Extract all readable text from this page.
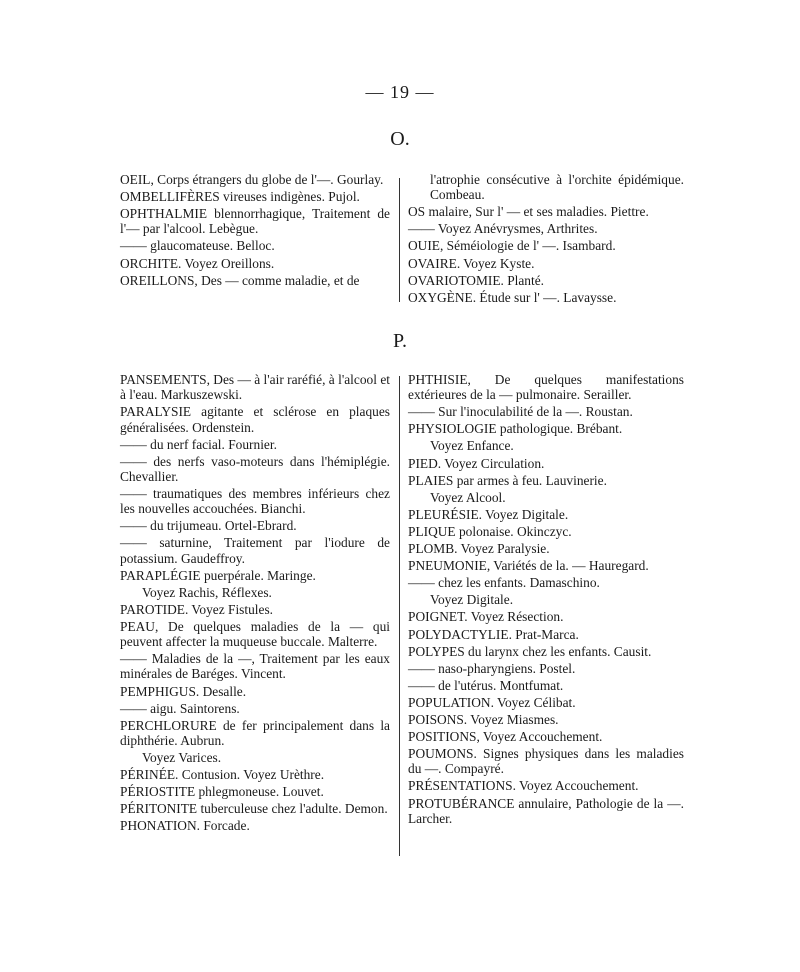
— 19 —
O.
OEIL, Corps étrangers du globe de l'—. Gourlay.
OMBELLIFÈRES vireuses indigènes. Pujol.
OPHTHALMIE blennorrhagique, Traitement de l'— par l'alcool. Lebègue.
—— glaucomateuse. Belloc.
ORCHITE. Voyez Oreillons.
OREILLONS, Des — comme maladie, et de
l'atrophie consécutive à l'orchite épidémique. Combeau.
OS malaire, Sur l' — et ses maladies. Piettre.
—— Voyez Anévrysmes, Arthrites.
OUIE, Séméiologie de l' —. Isambard.
OVAIRE. Voyez Kyste.
OVARIOTOMIE. Planté.
OXYGÈNE. Étude sur l' —. Lavaysse.
P.
PANSEMENTS, Des — à l'air raréfié, à l'alcool et à l'eau. Markuszewski.
PARALYSIE agitante et sclérose en plaques généralisées. Ordenstein.
—— du nerf facial. Fournier.
—— des nerfs vaso-moteurs dans l'hémiplégie. Chevallier.
—— traumatiques des membres inférieurs chez les nouvelles accouchées. Bianchi.
—— du trijumeau. Ortel-Ebrard.
—— saturnine, Traitement par l'iodure de potassium. Gaudeffroy.
PARAPLÉGIE puerpérale. Maringe.
Voyez Rachis, Réflexes.
PAROTIDE. Voyez Fistules.
PEAU, De quelques maladies de la — qui peuvent affecter la muqueuse buccale. Malterre.
—— Maladies de la —, Traitement par les eaux minérales de Baréges. Vincent.
PEMPHIGUS. Desalle.
—— aigu. Saintorens.
PERCHLORURE de fer principalement dans la diphthérie. Aubrun.
Voyez Varices.
PÉRINÉE. Contusion. Voyez Urèthre.
PÉRIOSTITE phlegmoneuse. Louvet.
PÉRITONITE tuberculeuse chez l'adulte. Demon.
PHONATION. Forcade.
PHTHISIE, De quelques manifestations extérieures de la — pulmonaire. Serailler.
—— Sur l'inoculabilité de la —. Roustan.
PHYSIOLOGIE pathologique. Brébant.
Voyez Enfance.
PIED. Voyez Circulation.
PLAIES par armes à feu. Lauvinerie.
Voyez Alcool.
PLEURÉSIE. Voyez Digitale.
PLIQUE polonaise. Okinczyc.
PLOMB. Voyez Paralysie.
PNEUMONIE, Variétés de la. — Hauregard.
—— chez les enfants. Damaschino.
Voyez Digitale.
POIGNET. Voyez Résection.
POLYDACTYLIE. Prat-Marca.
POLYPES du larynx chez les enfants. Causit.
—— naso-pharyngiens. Postel.
—— de l'utérus. Montfumat.
POPULATION. Voyez Célibat.
POISONS. Voyez Miasmes.
POSITIONS, Voyez Accouchement.
POUMONS. Signes physiques dans les maladies du —. Compayré.
PRÉSENTATIONS. Voyez Accouchement.
PROTUBÉRANCE annulaire, Pathologie de la —. Larcher.
